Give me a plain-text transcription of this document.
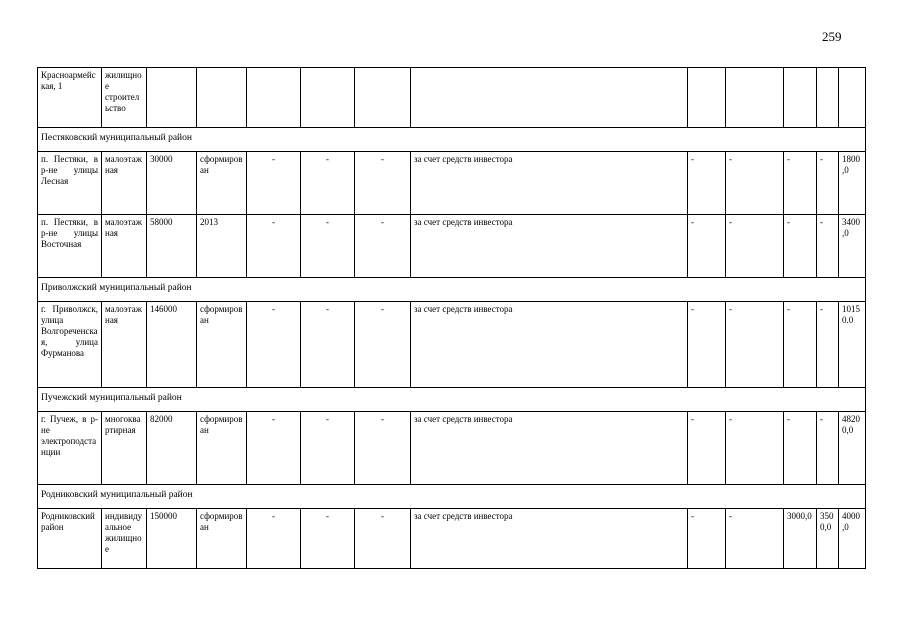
259
Красноармейская, 1	жилищное строительство											
Пестяковский муниципальный район												
п. Пестяки, в р-не улицы Лесная	малоэтажная	30000	сформирован	-	-	-	за счет средств инвестора	-	-	-	-	1800,0
п. Пестяки, в р-не улицы Восточная	малоэтажная	58000	2013	-	-	-	за счет средств инвестора	-	-	-	-	3400,0
Приволжский муниципальный район												
г. Приволжск, улица Волгореченская, улица Фурманова	малоэтажная	146000	сформирован	-	-	-	за счет средств инвестора	-	-	-	-	10150.0
Пучежский муниципальный район												
г. Пучеж, в р-не электроподстанции	многоквартирная	82000	сформирован	-	-	-	за счет средств инвестора	-	-	-	-	48200,0
Родниковский муниципальный район												
Родниковский район	индивидуальное жилищное	150000	сформирован	-	-	-	за счет средств инвестора	-	-	3000,0	3500,0	4000,0
